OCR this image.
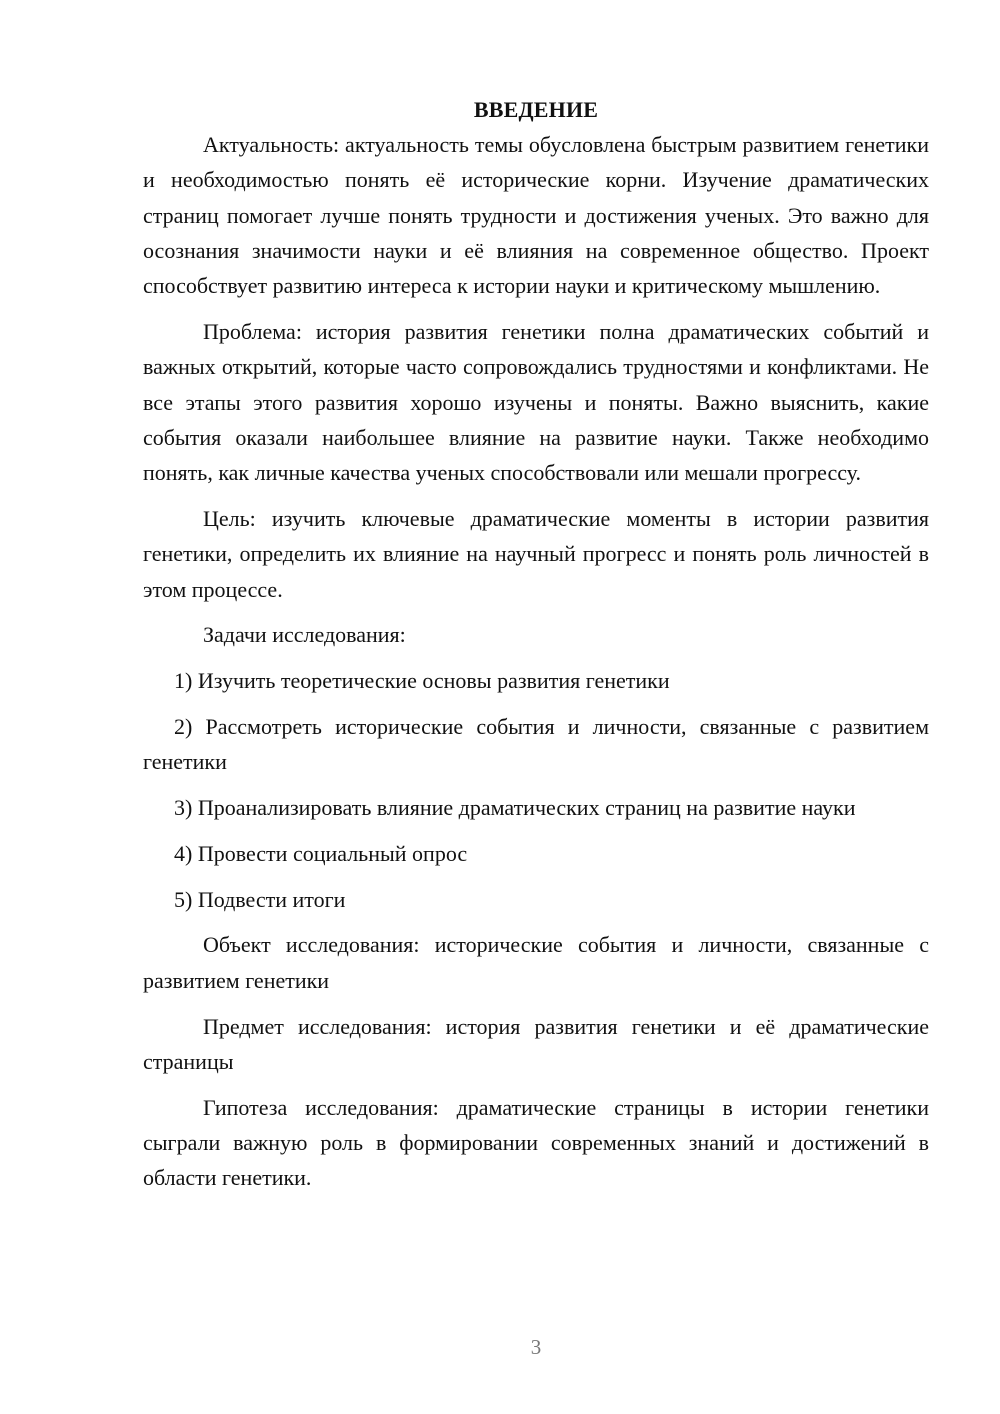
ВВЕДЕНИЕ

Актуальность: актуальность темы обусловлена быстрым развитием генетики и необходимостью понять её исторические корни. Изучение драматических страниц помогает лучше понять трудности и достижения ученых. Это важно для осознания значимости науки и её влияния на современное общество. Проект способствует развитию интереса к истории науки и критическому мышлению.

Проблема: история развития генетики полна драматических событий и важных открытий, которые часто сопровождались трудностями и конфликтами. Не все этапы этого развития хорошо изучены и поняты. Важно выяснить, какие события оказали наибольшее влияние на развитие науки. Также необходимо понять, как личные качества ученых способствовали или мешали прогрессу.

Цель: изучить ключевые драматические моменты в истории развития генетики, определить их влияние на научный прогресс и понять роль личностей в этом процессе.

Задачи исследования:

1) Изучить теоретические основы развития генетики

2) Рассмотреть исторические события и личности, связанные с развитием генетики

3) Проанализировать влияние драматических страниц на развитие науки

4) Провести социальный опрос

5) Подвести итоги

Объект исследования: исторические события и личности, связанные с развитием генетики

Предмет исследования: история развития генетики и её драматические страницы

Гипотеза исследования: драматические страницы в истории генетики сыграли важную роль в формировании современных знаний и достижений в области генетики.

3
